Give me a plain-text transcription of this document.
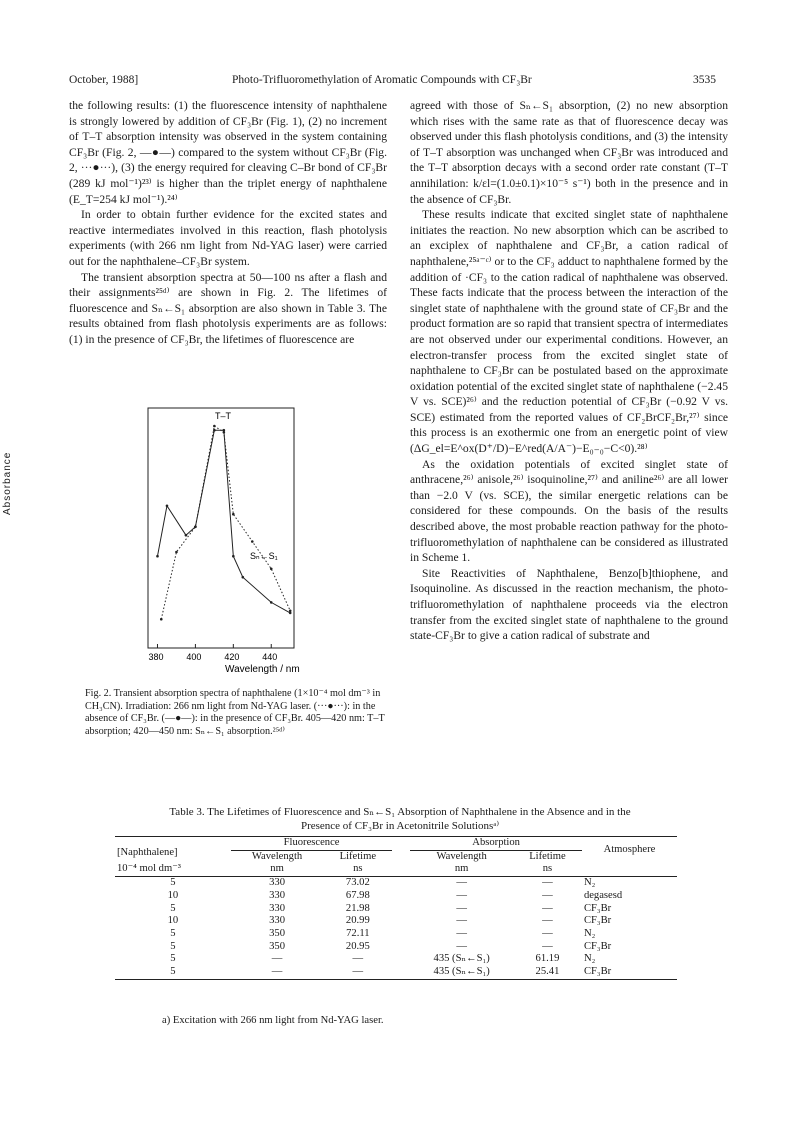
October, 1988]	Photo-Trifluoromethylation of Aromatic Compounds with CF₃Br	3535

the following results: (1) the fluorescence intensity of naphthalene is strongly lowered by addition of CF₃Br (Fig. 1), (2) no increment of T–T absorption intensity was observed in the system containing CF₃Br (Fig. 2, —●—) compared to the system without CF₃Br (Fig. 2, ···●···), (3) the energy required for cleaving C–Br bond of CF₃Br (289 kJ mol⁻¹)²³⁾ is higher than the triplet energy of naphthalene (E_T=254 kJ mol⁻¹).²⁴⁾

In order to obtain further evidence for the excited states and reactive intermediates involved in this reaction, flash photolysis experiments (with 266 nm light from Nd-YAG laser) were carried out for the naphthalene–CF₃Br system.

The transient absorption spectra at 50—100 ns after a flash and their assignments²⁵ᵈ⁾ are shown in Fig. 2. The lifetimes of fluorescence and Sₙ←S₁ absorption are also shown in Table 3. The results obtained from flash photolysis experiments are as follows: (1) in the presence of CF₃Br, the lifetimes of fluorescence are

agreed with those of Sₙ←S₁ absorption, (2) no new absorption which rises with the same rate as that of fluorescence decay was observed under this flash photolysis conditions, and (3) the intensity of T–T absorption was unchanged when CF₃Br was introduced and the T–T absorption decays with a second order rate constant (T–T annihilation: k/εl=(1.0±0.1)×10⁻⁵ s⁻¹) both in the presence and in the absence of CF₃Br.

These results indicate that excited singlet state of naphthalene initiates the reaction. No new absorption which can be ascribed to an exciplex of naphthalene and CF₃Br, a cation radical of naphthalene,²⁵ᵃ⁻ᶜ⁾ or to the CF₃ adduct to naphthalene formed by the addition of ·CF₃ to the cation radical of naphthalene was observed. These facts indicate that the process between the interaction of the singlet state of naphthalene with the ground state of CF₃Br and the product formation are so rapid that transient spectra of intermediates are not observed under our experimental conditions. However, an electron-transfer process from the excited singlet state of naphthalene to CF₃Br can be postulated based on the approximate oxidation potential of the excited singlet state of naphthalene (−2.45 V vs. SCE)²⁶⁾ and the reduction potential of CF₃Br (−0.92 V vs. SCE) estimated from the reported values of CF₂BrCF₂Br,²⁷⁾ since this process is an exothermic one from an energetic point of view (ΔG_el=E^ox(D⁺/D)−E^red(A/A⁻)−E₀₋₀−C<0).²⁸⁾

As the oxidation potentials of excited singlet state of anthracene,²⁶⁾ anisole,²⁶⁾ isoquinoline,²⁷⁾ and aniline²⁶⁾ are all lower than −2.0 V (vs. SCE), the similar energetic relations can be considered for these compounds. On the basis of the results described above, the most probable reaction pathway for the photo-trifluoromethylation of naphthalene can be considered as illustrated in Scheme 1.

Site Reactivities of Naphthalene, Benzo[b]thiophene, and Isoquinoline. As discussed in the reaction mechanism, the photo-trifluoromethylation of naphthalene proceeds via the electron transfer from the excited singlet state of naphthalene to the ground state-CF₃Br to give a cation radical of substrate and

Absorbance
380	400	420	440
T–T
Sₙ←S₁
Wavelength / nm
Fig. 2. Transient absorption spectra of naphthalene (1×10⁻⁴ mol dm⁻³ in CH₃CN). Irradiation: 266 nm light from Nd-YAG laser. (···●···): in the absence of CF₃Br. (—●—): in the presence of CF₃Br. 405—420 nm: T–T absorption; 420—450 nm: Sₙ←S₁ absorption.²⁵ᵈ⁾
Table 3. The Lifetimes of Fluorescence and Sₙ←S₁ Absorption of Naphthalene in the Absence and in the Presence of CF₃Br in Acetonitrile Solutionsᵃ⁾
[Naphthalene]	Fluorescence			Absorption		Atmosphere
	Wavelength	Lifetime		Wavelength	Lifetime	
10⁻⁴ mol dm⁻³	nm	ns		nm	ns	
5	330	73.02		—	—	N₂
10	330	67.98		—	—	degasesd
5	330	21.98		—	—	CF₃Br
10	330	20.99		—	—	CF₃Br
5	350	72.11		—	—	N₂
5	350	20.95		—	—	CF₃Br
5	—	—		435 (Sₙ←S₁)	61.19	N₂
5	—	—		435 (Sₙ←S₁)	25.41	CF₃Br
a) Excitation with 266 nm light from Nd-YAG laser.
